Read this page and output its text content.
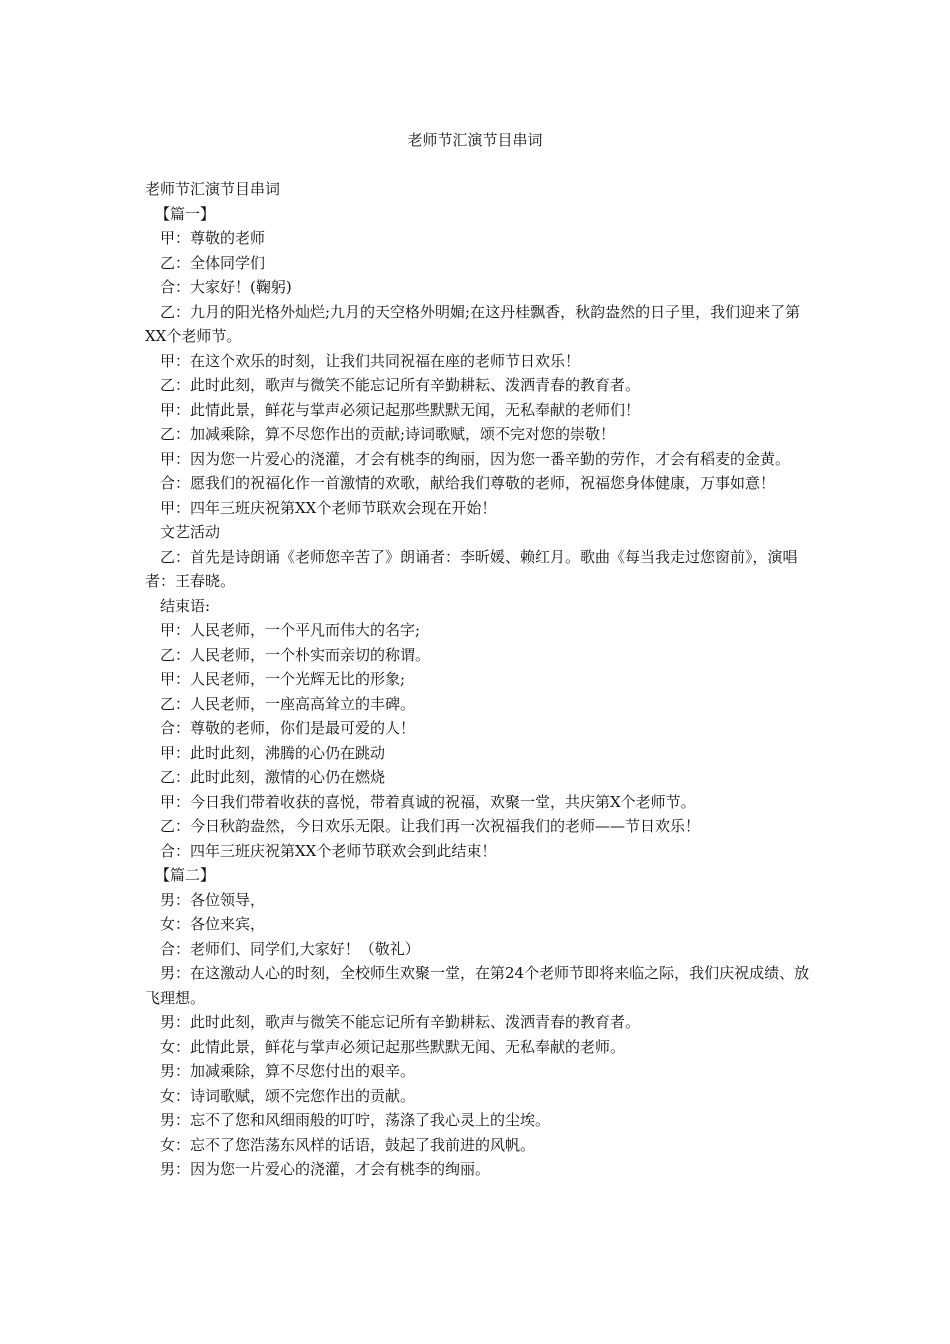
老师节汇演节目串词

老师节汇演节目串词

【篇一】

甲：尊敬的老师

乙：全体同学们

合：大家好！(鞠躬)

乙：九月的阳光格外灿烂;九月的天空格外明媚;在这丹桂飘香，秋韵盎然的日子里，我们迎来了第XX个老师节。

甲：在这个欢乐的时刻，让我们共同祝福在座的老师节日欢乐！

乙：此时此刻，歌声与微笑不能忘记所有辛勤耕耘、泼洒青春的教育者。

甲：此情此景，鲜花与掌声必须记起那些默默无闻，无私奉献的老师们！

乙：加减乘除，算不尽您作出的贡献;诗词歌赋，颂不完对您的崇敬！

甲：因为您一片爱心的浇灌，才会有桃李的绚丽，因为您一番辛勤的劳作，才会有稻麦的金黄。

合：愿我们的祝福化作一首激情的欢歌，献给我们尊敬的老师，祝福您身体健康，万事如意！

甲：四年三班庆祝第XX个老师节联欢会现在开始！

文艺活动

乙：首先是诗朗诵《老师您辛苦了》朗诵者：李昕媛、赖红月。歌曲《每当我走过您窗前》，演唱者：王春晓。

结束语:

甲：人民老师，一个平凡而伟大的名字;

乙：人民老师，一个朴实而亲切的称谓。

甲：人民老师，一个光辉无比的形象;

乙：人民老师，一座高高耸立的丰碑。

合：尊敬的老师，你们是最可爱的人！

甲：此时此刻，沸腾的心仍在跳动

乙：此时此刻，激情的心仍在燃烧

甲：今日我们带着收获的喜悦，带着真诚的祝福，欢聚一堂，共庆第X个老师节。

乙：今日秋韵盎然，今日欢乐无限。让我们再一次祝福我们的老师——节日欢乐！

合：四年三班庆祝第XX个老师节联欢会到此结束！

【篇二】

男：各位领导，

女：各位来宾，

合：老师们、同学们,大家好！（敬礼）

男：在这激动人心的时刻，全校师生欢聚一堂，在第24个老师节即将来临之际，我们庆祝成绩、放飞理想。

男：此时此刻，歌声与微笑不能忘记所有辛勤耕耘、泼洒青春的教育者。

女：此情此景，鲜花与掌声必须记起那些默默无闻、无私奉献的老师。

男：加减乘除，算不尽您付出的艰辛。

女：诗词歌赋，颂不完您作出的贡献。

男：忘不了您和风细雨般的叮咛，荡涤了我心灵上的尘埃。

女：忘不了您浩荡东风样的话语，鼓起了我前进的风帆。

男：因为您一片爱心的浇灌，才会有桃李的绚丽。
